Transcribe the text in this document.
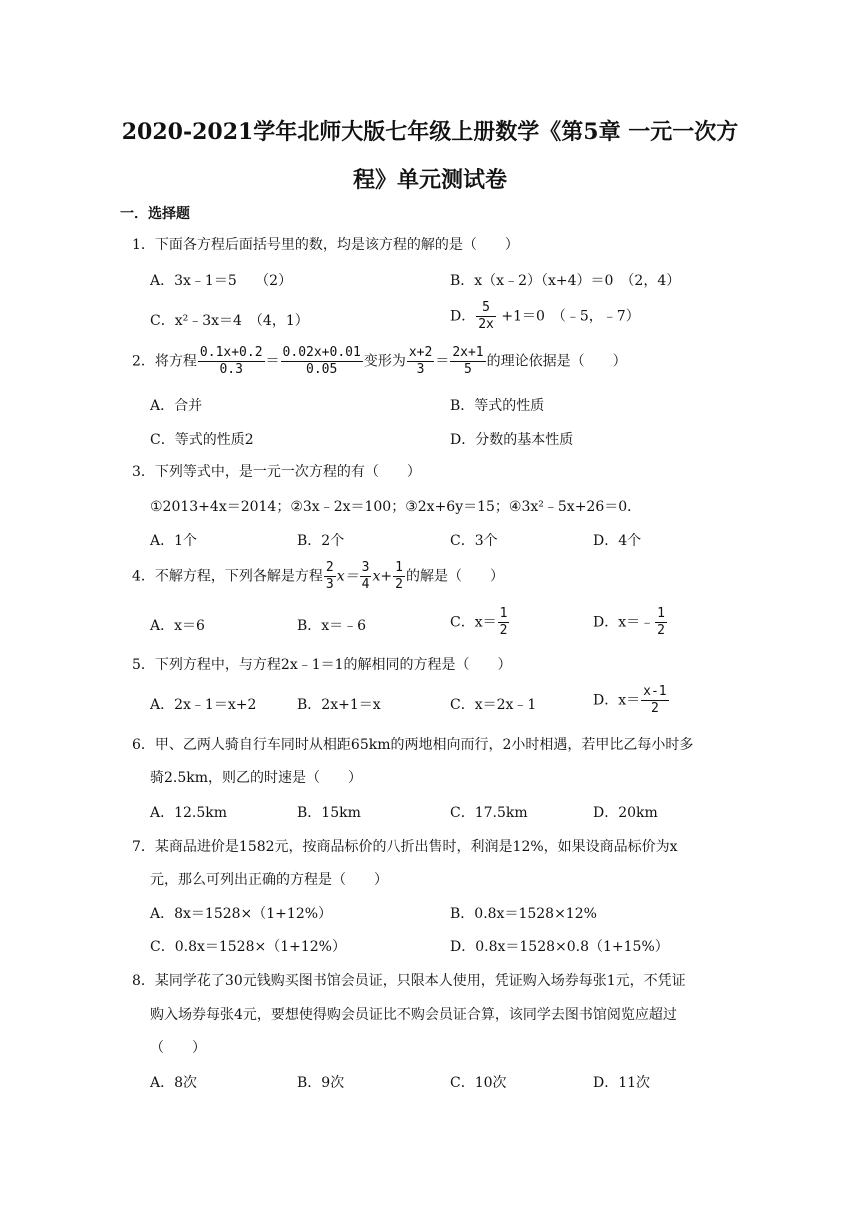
2020-2021学年北师大版七年级上册数学《第5章 一元一次方
程》单元测试卷
一．选择题
1．下面各方程后面括号里的数，均是该方程的解的是（　　）
A．3x﹣1＝5　 （2）	B．x（x﹣2）（x+4）＝0　（2，4）
C．x²﹣3x＝4　（4，1）	D． $\frac{5}{2x} +1=0$　（﹣5，﹣7）
2．将方程 $\frac{0.1x+0.2}{0.3} = \frac{0.02x+0.01}{0.05}$ 变形为 $\frac{x+2}{3} = \frac{2x+1}{5}$ 的理论依据是（　　）
A．合并	B．等式的性质
C．等式的性质2	D．分数的基本性质
3．下列等式中，是一元一次方程的有（　　）
①2013+4x＝2014；②3x﹣2x＝100；③2x+6y＝15；④3x²﹣5x+26＝0．
A．1个	B．2个	C．3个	D．4个
4．不解方程，下列各解是方程 $\frac{2}{3} x= \frac{3}{4} x+ \frac{1}{2}$ 的解是（　　）
A．x＝6	B．x＝﹣6	C．$x= \frac{1}{2}$	D．x＝﹣ $\frac{1}{2}$
5．下列方程中，与方程2x﹣1＝1的解相同的方程是（　　）
A．2x﹣1＝x+2	B．2x+1＝x	C．x＝2x﹣1	D．$x= \frac{x-1}{2}$
6．甲、乙两人骑自行车同时从相距65km的两地相向而行，2小时相遇，若甲比乙每小时多
骑2.5km，则乙的时速是（　　）
A．12.5km	B．15km	C．17.5km	D．20km
7．某商品进价是1582元，按商品标价的八折出售时，利润是12%，如果设商品标价为x
元，那么可列出正确的方程是（　　）
A．8x＝1528×（1+12%）	B．0.8x＝1528×12%
C．0.8x＝1528×（1+12%）	D．0.8x＝1528×0.8（1+15%）
8．某同学花了30元钱购买图书馆会员证，只限本人使用，凭证购入场券每张1元，不凭证
购入场券每张4元，要想使得购会员证比不购会员证合算，该同学去图书馆阅览应超过
（　　）
A．8次	B．9次	C．10次	D．11次
